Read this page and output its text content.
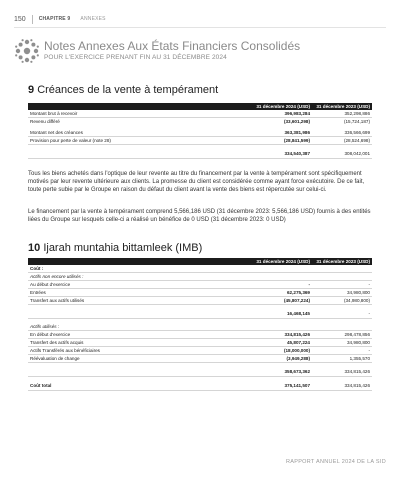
150	CHAPITRE 9 ANNEXES
Notes Annexes Aux États Financiers Consolidés
POUR L'EXERCICE PRENANT FIN AU 31 DÉCEMBRE 2024
9 Créances de la vente à tempérament
	31 décembre 2024 (USD)	31 décembre 2023 (USD)
Montant brut à recevoir	396,983,284	352,298,886
Revenu différé	(33,601,298)	(15,724,187)

Montant net des créances	363,381,986	336,566,699
Provision pour perte de valeur (note 28)	(28,841,599)	(28,524,698)

	334,540,387	308,042,001

Tous les biens achetés dans l'optique de leur revente au titre du financement par la vente à tempérament sont spécifiquement motivés par leur revente ultérieure aux clients. La promesse du client est considérée comme ayant force exécutoire. De ce fait, toute perte subie par le Groupe en raison du défaut du client avant la vente des biens est répercutée sur celui-ci.

Le financement par la vente à tempérament comprend 5,566,186 USD (31 décembre 2023: 5,566,186 USD) fournis à des entités liées du Groupe sur lesquels celle-ci a réalisé un bénéfice de 0 USD (31 décembre 2023: 0 USD)

10 Ijarah muntahia bittamleek (IMB)
	31 décembre 2024 (USD)	31 décembre 2023 (USD)
Coût :		
Actifs non encore utilisés :		
Au début d'exercice	-	-
Entrées	62,275,369	34,980,800
Transfert aux actifs utilisés	(45,807,224)	(34,980,800)

	16,468,145	-

Actifs utilisés :		
En début d'exercice	334,815,426	298,478,856
Transfert des actifs acquis	45,807,224	34,980,800
Actifs Transférés aux bénéficiaires	(18,000,000)	-
Réévaluation de change	(3,949,288)	1,355,570

	358,673,362	334,815,426

Coût total	375,141,507	334,815,426
RAPPORT ANNUEL 2024 DE LA SID
